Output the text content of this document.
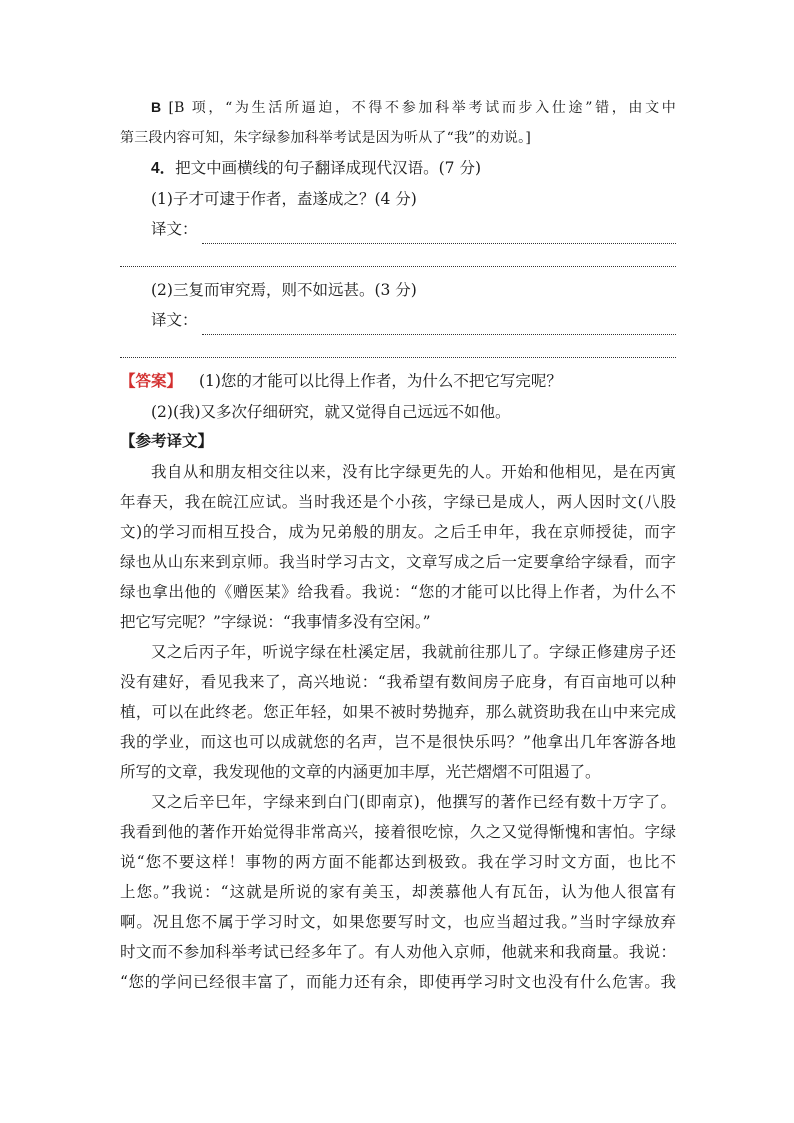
B [B 项，“为生活所逼迫，不得不参加科举考试而步入仕途”错，由文中
第三段内容可知，朱字绿参加科举考试是因为听从了“我”的劝说。]
4．把文中画横线的句子翻译成现代汉语。(7 分)
(1)子才可逮于作者，盍遂成之？(4 分)
译文：
(2)三复而审究焉，则不如远甚。(3 分)
译文：
【答案】 (1)您的才能可以比得上作者，为什么不把它写完呢？
(2)(我)又多次仔细研究，就又觉得自己远远不如他。
【参考译文】
我自从和朋友相交往以来，没有比字绿更先的人。开始和他相见，是在丙寅
年春天，我在皖江应试。当时我还是个小孩，字绿已是成人，两人因时文(八股
文)的学习而相互投合，成为兄弟般的朋友。之后壬申年，我在京师授徒，而字
绿也从山东来到京师。我当时学习古文，文章写成之后一定要拿给字绿看，而字
绿也拿出他的《赠医某》给我看。我说：“您的才能可以比得上作者，为什么不
把它写完呢？”字绿说：“我事情多没有空闲。”
又之后丙子年，听说字绿在杜溪定居，我就前往那儿了。字绿正修建房子还
没有建好，看见我来了，高兴地说：“我希望有数间房子庇身，有百亩地可以种
植，可以在此终老。您正年轻，如果不被时势抛弃，那么就资助我在山中来完成
我的学业，而这也可以成就您的名声，岂不是很快乐吗？”他拿出几年客游各地
所写的文章，我发现他的文章的内涵更加丰厚，光芒熠熠不可阻遏了。
又之后辛巳年，字绿来到白门(即南京)，他撰写的著作已经有数十万字了。
我看到他的著作开始觉得非常高兴，接着很吃惊，久之又觉得惭愧和害怕。字绿
说“您不要这样！事物的两方面不能都达到极致。我在学习时文方面，也比不
上您。”我说：“这就是所说的家有美玉，却羡慕他人有瓦缶，认为他人很富有
啊。况且您不属于学习时文，如果您要写时文，也应当超过我。”当时字绿放弃
时文而不参加科举考试已经多年了。有人劝他入京师，他就来和我商量。我说：
“您的学问已经很丰富了，而能力还有余，即使再学习时文也没有什么危害。我
